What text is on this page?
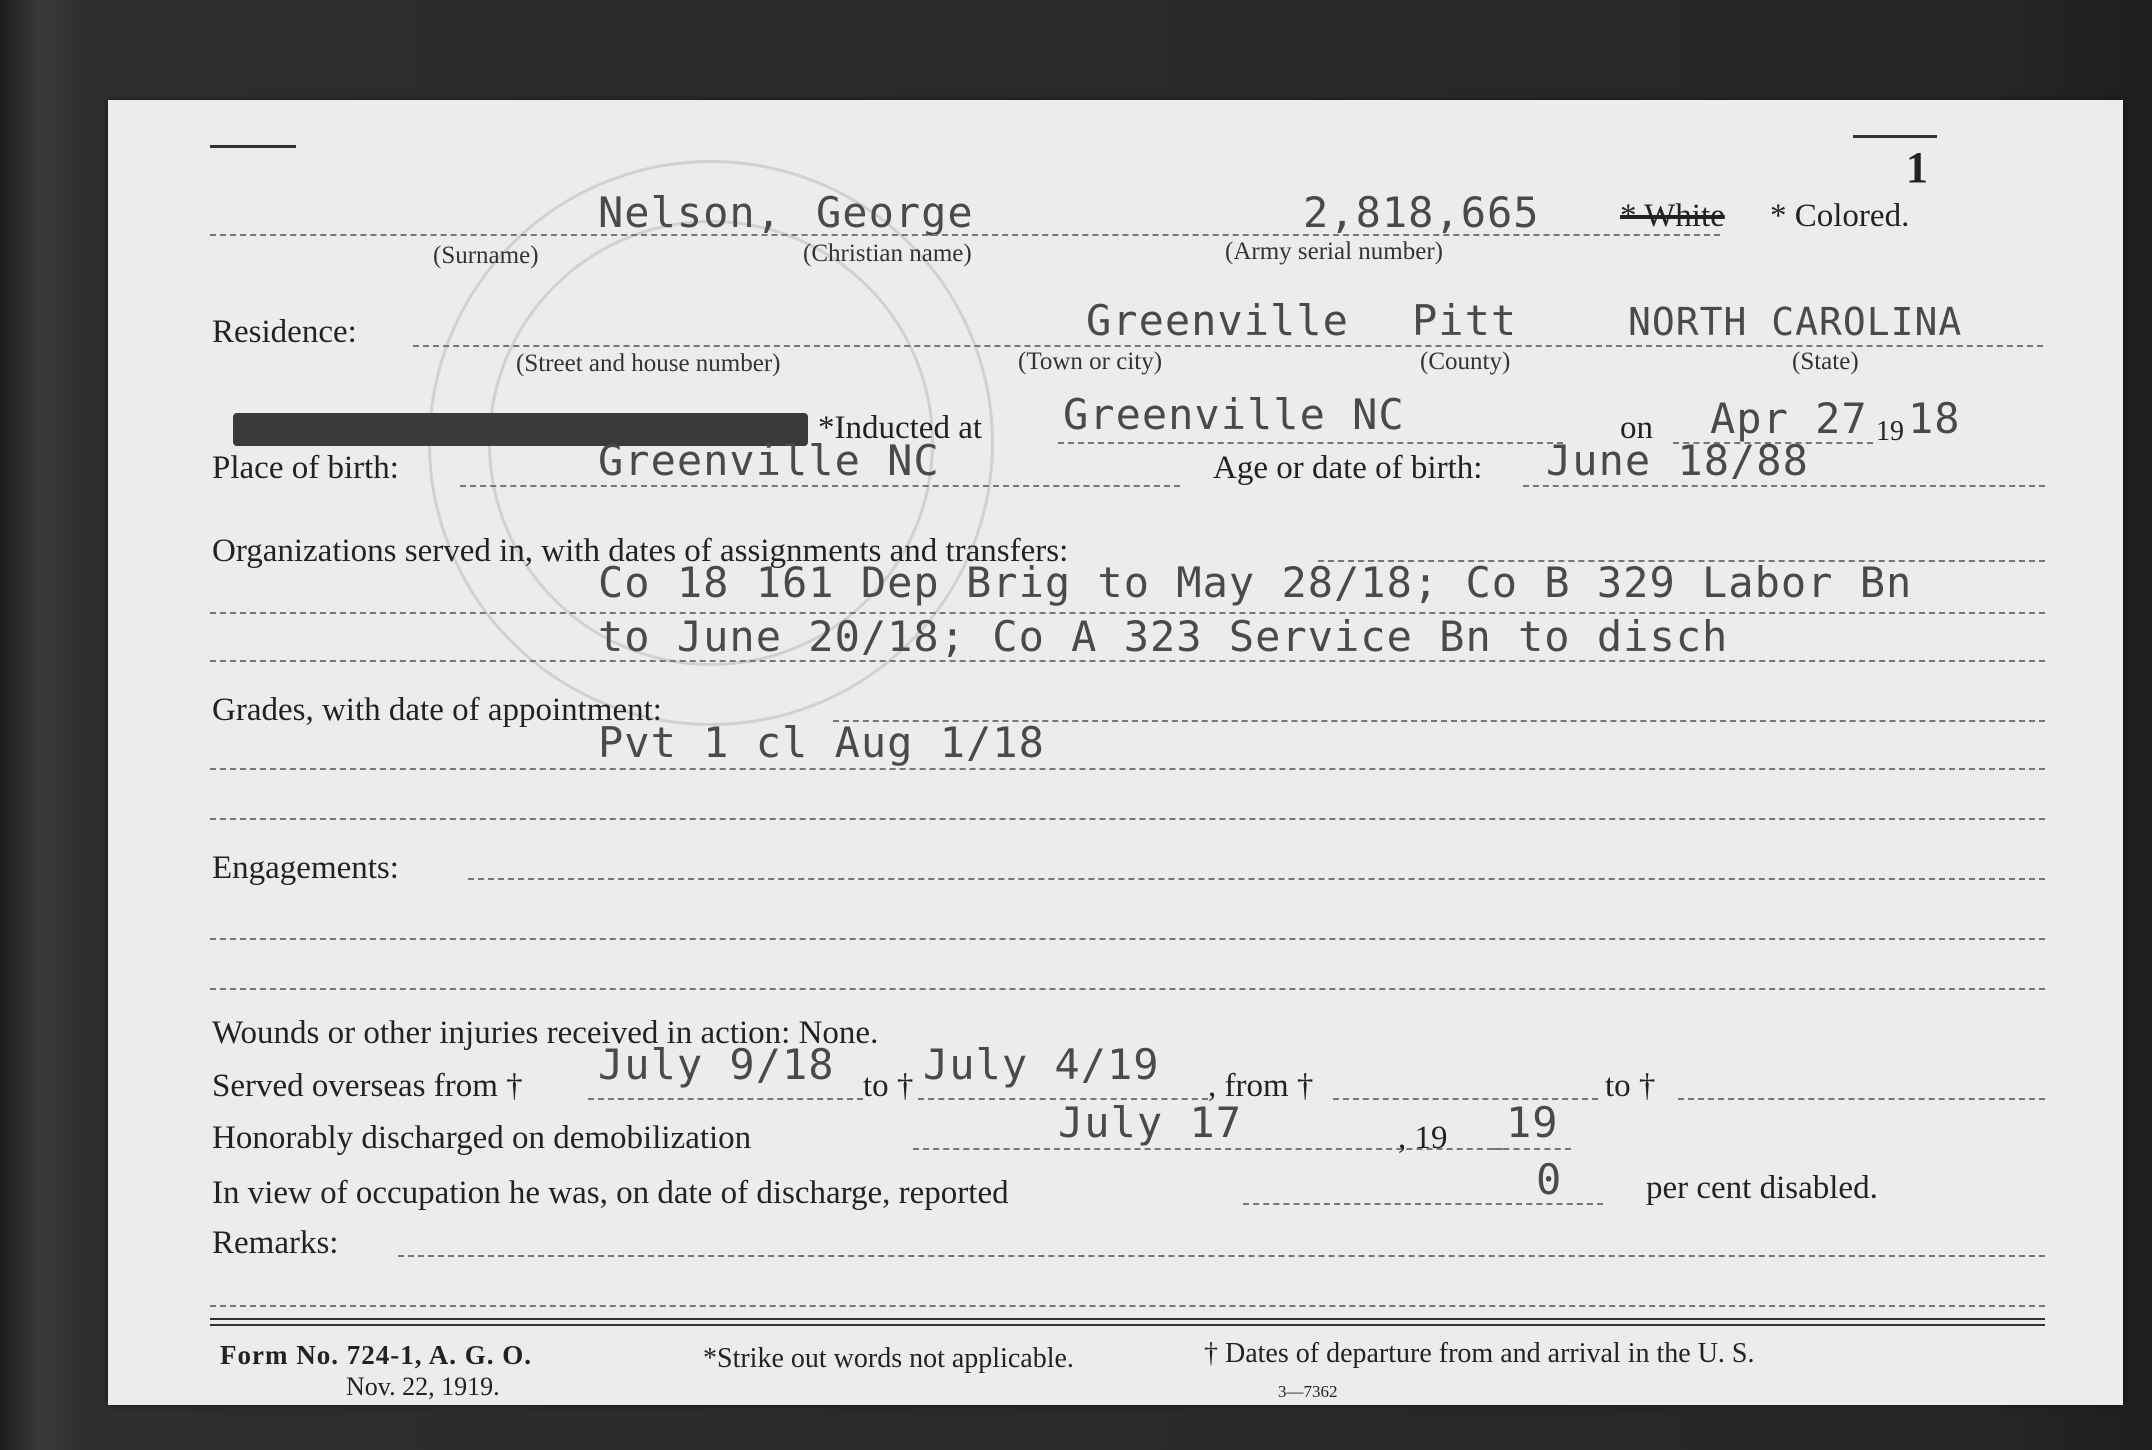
1
Nelson, George	2,818,665 * White * Colored.
(Surname)	(Christian name)	(Army serial number)
Residence:	Greenville Pitt	NORTH CAROLINA
(Street and house number)	(Town or city)	(County)	(State)
*Inducted at Greenville NC	on Apr 27 19 18
Place of birth:	Greenville NC	Age or date of birth: June 18/88
Organizations served in, with dates of assignments and transfers:
Co 18 161 Dep Brig to May 28/18; Co B 329 Labor Bn
to June 20/18; Co A 323 Service Bn to disch
Grades, with date of appointment:
Pvt 1 cl Aug 1/18
Engagements:
Wounds or other injuries received in action: None.
Served overseas from † July 9/18 to † July 4/19 , from †	to †
Honorably discharged on demobilization	July 17	, 19 19
In view of occupation he was, on date of discharge, reported	0	per cent disabled.
Remarks:
Form No. 724-1, A. G. O.
Nov. 22, 1919.
*Strike out words not applicable.	† Dates of departure from and arrival in the U. S.
3—7362
